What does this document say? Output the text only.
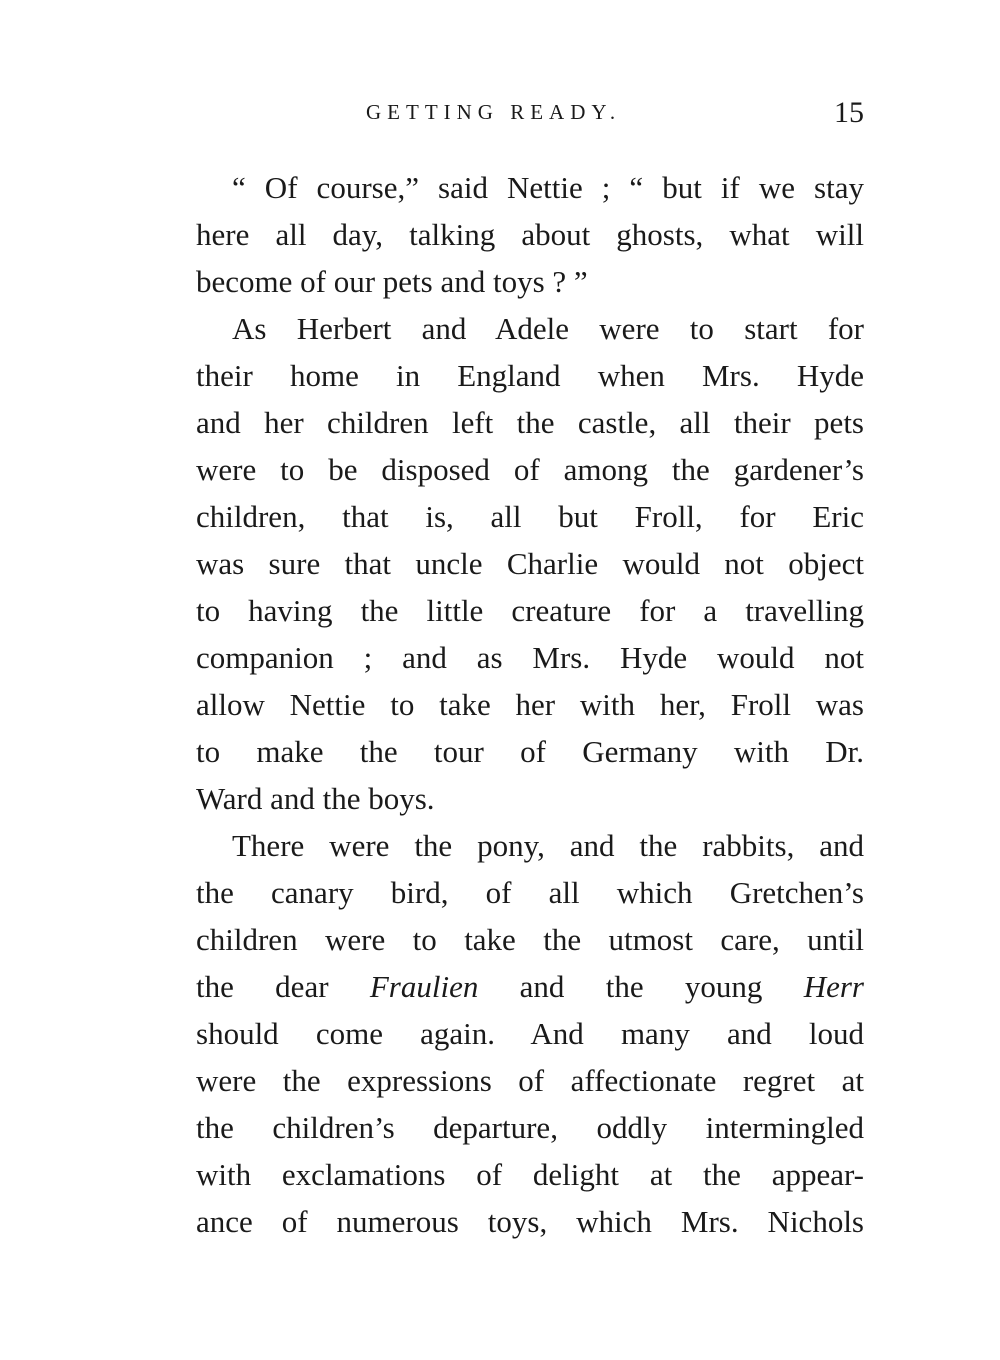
GETTING READY.	15
“ Of course,” said Nettie ; “ but if we stay
here all day, talking about ghosts, what will
become of our pets and toys ? ”
As Herbert and Adele were to start for
their home in England when Mrs. Hyde
and her children left the castle, all their pets
were to be disposed of among the gardener’s
children, that is, all but Froll, for Eric
was sure that uncle Charlie would not object
to having the little creature for a travelling
companion ; and as Mrs. Hyde would not
allow Nettie to take her with her, Froll was
to make the tour of Germany with Dr.
Ward and the boys.
There were the pony, and the rabbits, and
the canary bird, of all which Gretchen’s
children were to take the utmost care, until
the dear Fraulien and the young Herr
should come again. And many and loud
were the expressions of affectionate regret at
the children’s departure, oddly intermingled
with exclamations of delight at the appear-
ance of numerous toys, which Mrs. Nichols
